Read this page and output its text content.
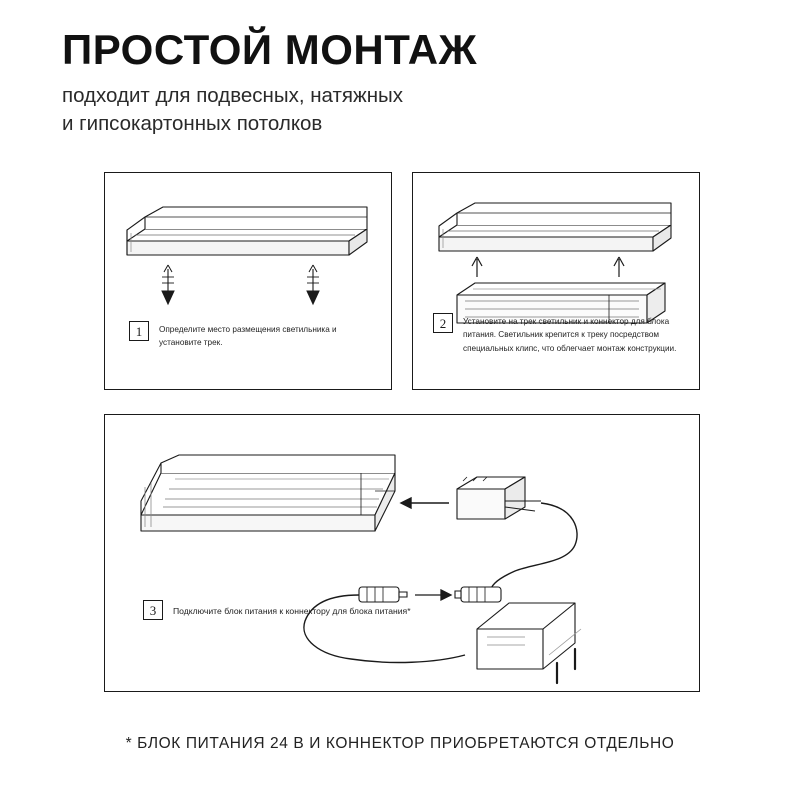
ПРОСТОЙ МОНТАЖ
подходит для подвесных, натяжных
и гипсокартонных потолков
1	Определите место размещения светильника и установите трек.
2	Установите на трек светильник и коннектор для блока питания. Светильник крепится к треку посредством специальных клипс, что облегчает монтаж конструкции.
3	Подключите блок питания к коннектору для блока питания*
* БЛОК ПИТАНИЯ 24 В И КОННЕКТОР ПРИОБРЕТАЮТСЯ ОТДЕЛЬНО
